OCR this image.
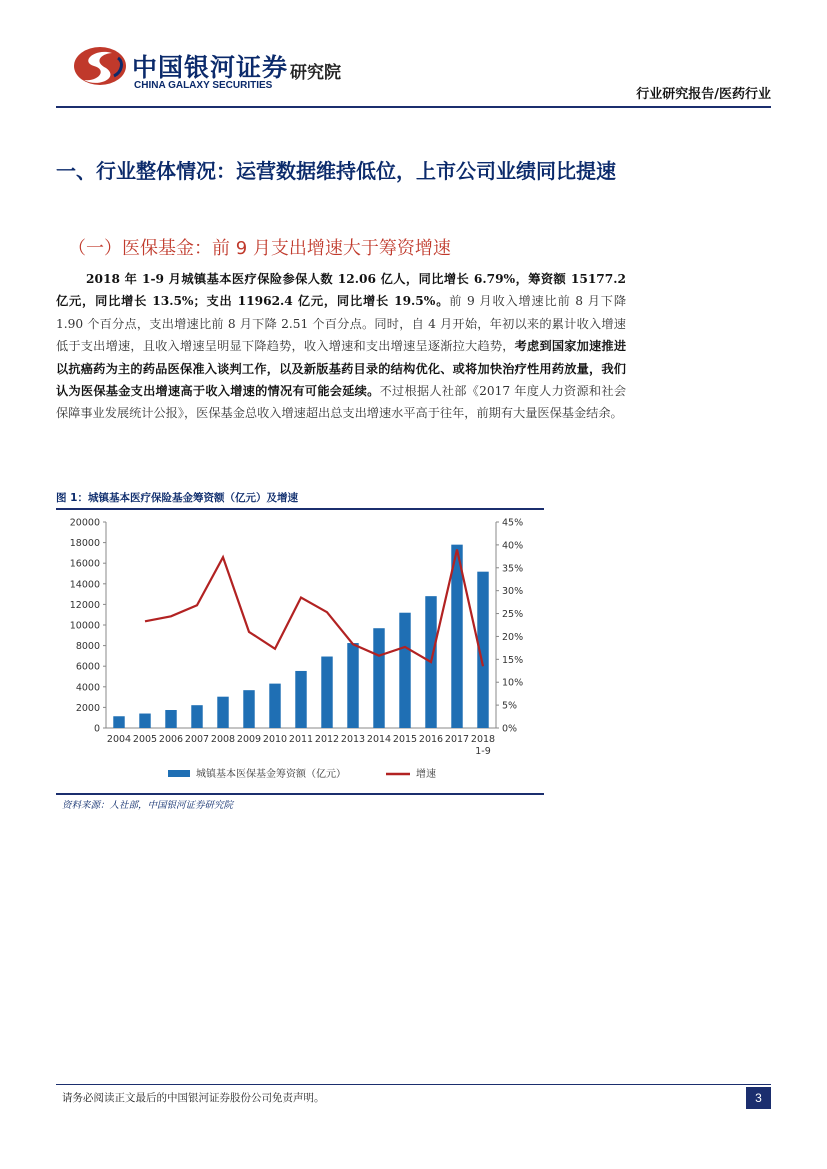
中国银河证券
CHINA GALAXY SECURITIES
研究院
行业研究报告/医药行业
一、行业整体情况：运营数据维持低位，上市公司业绩同比提速
（一）医保基金：前 9 月支出增速大于筹资增速
2018 年 1-9 月城镇基本医疗保险参保人数 12.06 亿人，同比增长 6.79%，筹资额 15177.2 亿元，同比增长 13.5%；支出 11962.4 亿元，同比增长 19.5%。前 9 月收入增速比前 8 月下降 1.90 个百分点，支出增速比前 8 月下降 2.51 个百分点。同时，自 4 月开始，年初以来的累计收入增速低于支出增速，且收入增速呈明显下降趋势，收入增速和支出增速呈逐渐拉大趋势，考虑到国家加速推进以抗癌药为主的药品医保准入谈判工作，以及新版基药目录的结构优化、或将加快治疗性用药放量，我们认为医保基金支出增速高于收入增速的情况有可能会延续。不过根据人社部《2017 年度人力资源和社会保障事业发展统计公报》，医保基金总收入增速超出总支出增速水平高于往年，前期有大量医保基金结余。
图 1：城镇基本医疗保险基金筹资额（亿元）及增速
0
2000
4000
6000
8000
10000
12000
14000
16000
18000
20000
0%
5%
10%
15%
20%
25%
30%
35%
40%
45%
2004 2005 2006 2007 2008 2009 2010 2011 2012 2013 2014 2015 2016 2017 2018
1-9
城镇基本医保基金筹资额（亿元）	增速
资料来源：人社部，中国银河证券研究院
请务必阅读正文最后的中国银河证券股份公司免责声明。	3
